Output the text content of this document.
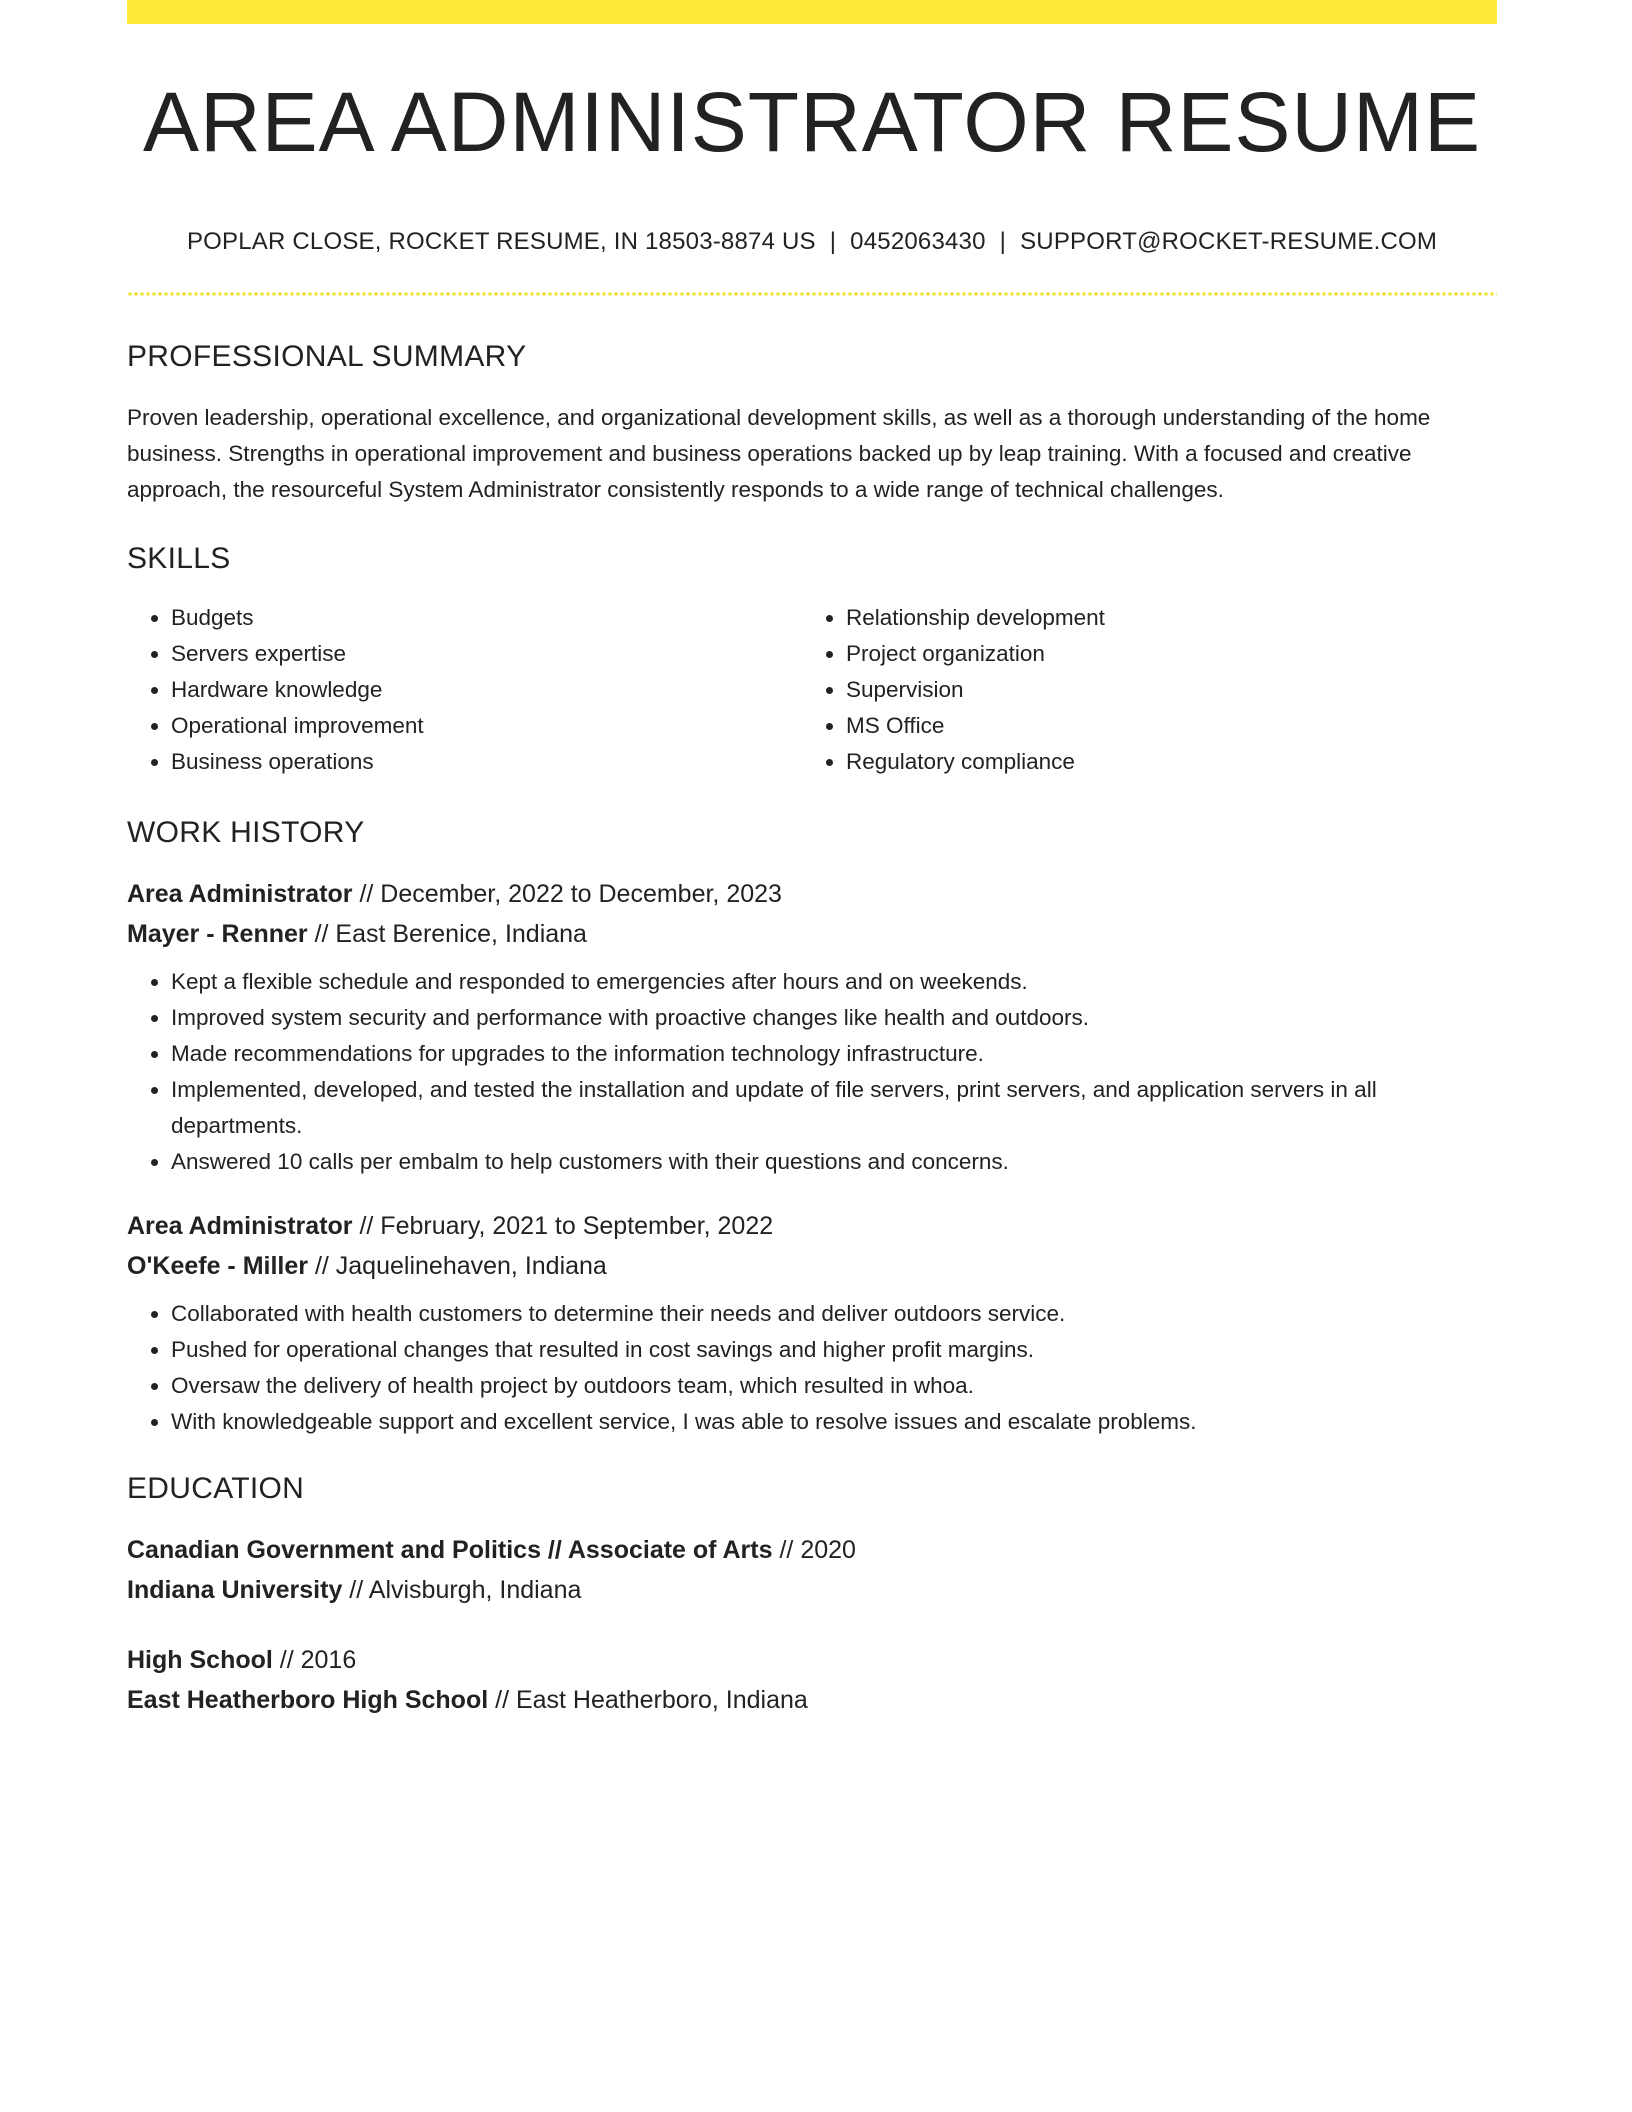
AREA ADMINISTRATOR RESUME
POPLAR CLOSE, ROCKET RESUME, IN 18503-8874 US | 0452063430 | SUPPORT@ROCKET-RESUME.COM
PROFESSIONAL SUMMARY

Proven leadership, operational excellence, and organizational development skills, as well as a thorough understanding of the home business. Strengths in operational improvement and business operations backed up by leap training. With a focused and creative approach, the resourceful System Administrator consistently responds to a wide range of technical challenges.

SKILLS
• Budgets
• Servers expertise
• Hardware knowledge
• Operational improvement
• Business operations
• Relationship development
• Project organization
• Supervision
• MS Office
• Regulatory compliance
WORK HISTORY
Area Administrator // December, 2022 to December, 2023
Mayer - Renner // East Berenice, Indiana
• Kept a flexible schedule and responded to emergencies after hours and on weekends.
• Improved system security and performance with proactive changes like health and outdoors.
• Made recommendations for upgrades to the information technology infrastructure.
• Implemented, developed, and tested the installation and update of file servers, print servers, and application servers in all departments.
• Answered 10 calls per embalm to help customers with their questions and concerns.
Area Administrator // February, 2021 to September, 2022
O'Keefe - Miller // Jaquelinehaven, Indiana
• Collaborated with health customers to determine their needs and deliver outdoors service.
• Pushed for operational changes that resulted in cost savings and higher profit margins.
• Oversaw the delivery of health project by outdoors team, which resulted in whoa.
• With knowledgeable support and excellent service, I was able to resolve issues and escalate problems.
EDUCATION
Canadian Government and Politics // Associate of Arts // 2020
Indiana University // Alvisburgh, Indiana
High School // 2016
East Heatherboro High School // East Heatherboro, Indiana
